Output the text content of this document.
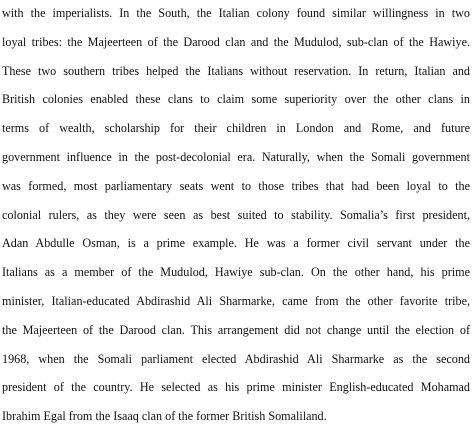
with the imperialists. In the South, the Italian colony found similar willingness in two
loyal tribes: the Majeerteen of the Darood clan and the Mudulod, sub-clan of the Hawiye.
These two southern tribes helped the Italians without reservation. In return, Italian and
British colonies enabled these clans to claim some superiority over the other clans in
terms of wealth, scholarship for their children in London and Rome, and future
government influence in the post-decolonial era. Naturally, when the Somali government
was formed, most parliamentary seats went to those tribes that had been loyal to the
colonial rulers, as they were seen as best suited to stability. Somalia’s first president,
Adan Abdulle Osman, is a prime example. He was a former civil servant under the
Italians as a member of the Mudulod, Hawiye sub-clan. On the other hand, his prime
minister, Italian-educated Abdirashid Ali Sharmarke, came from the other favorite tribe,
the Majeerteen of the Darood clan. This arrangement did not change until the election of
1968, when the Somali parliament elected Abdirashid Ali Sharmarke as the second
president of the country. He selected as his prime minister English-educated Mohamad
Ibrahim Egal from the Isaaq clan of the former British Somaliland.
